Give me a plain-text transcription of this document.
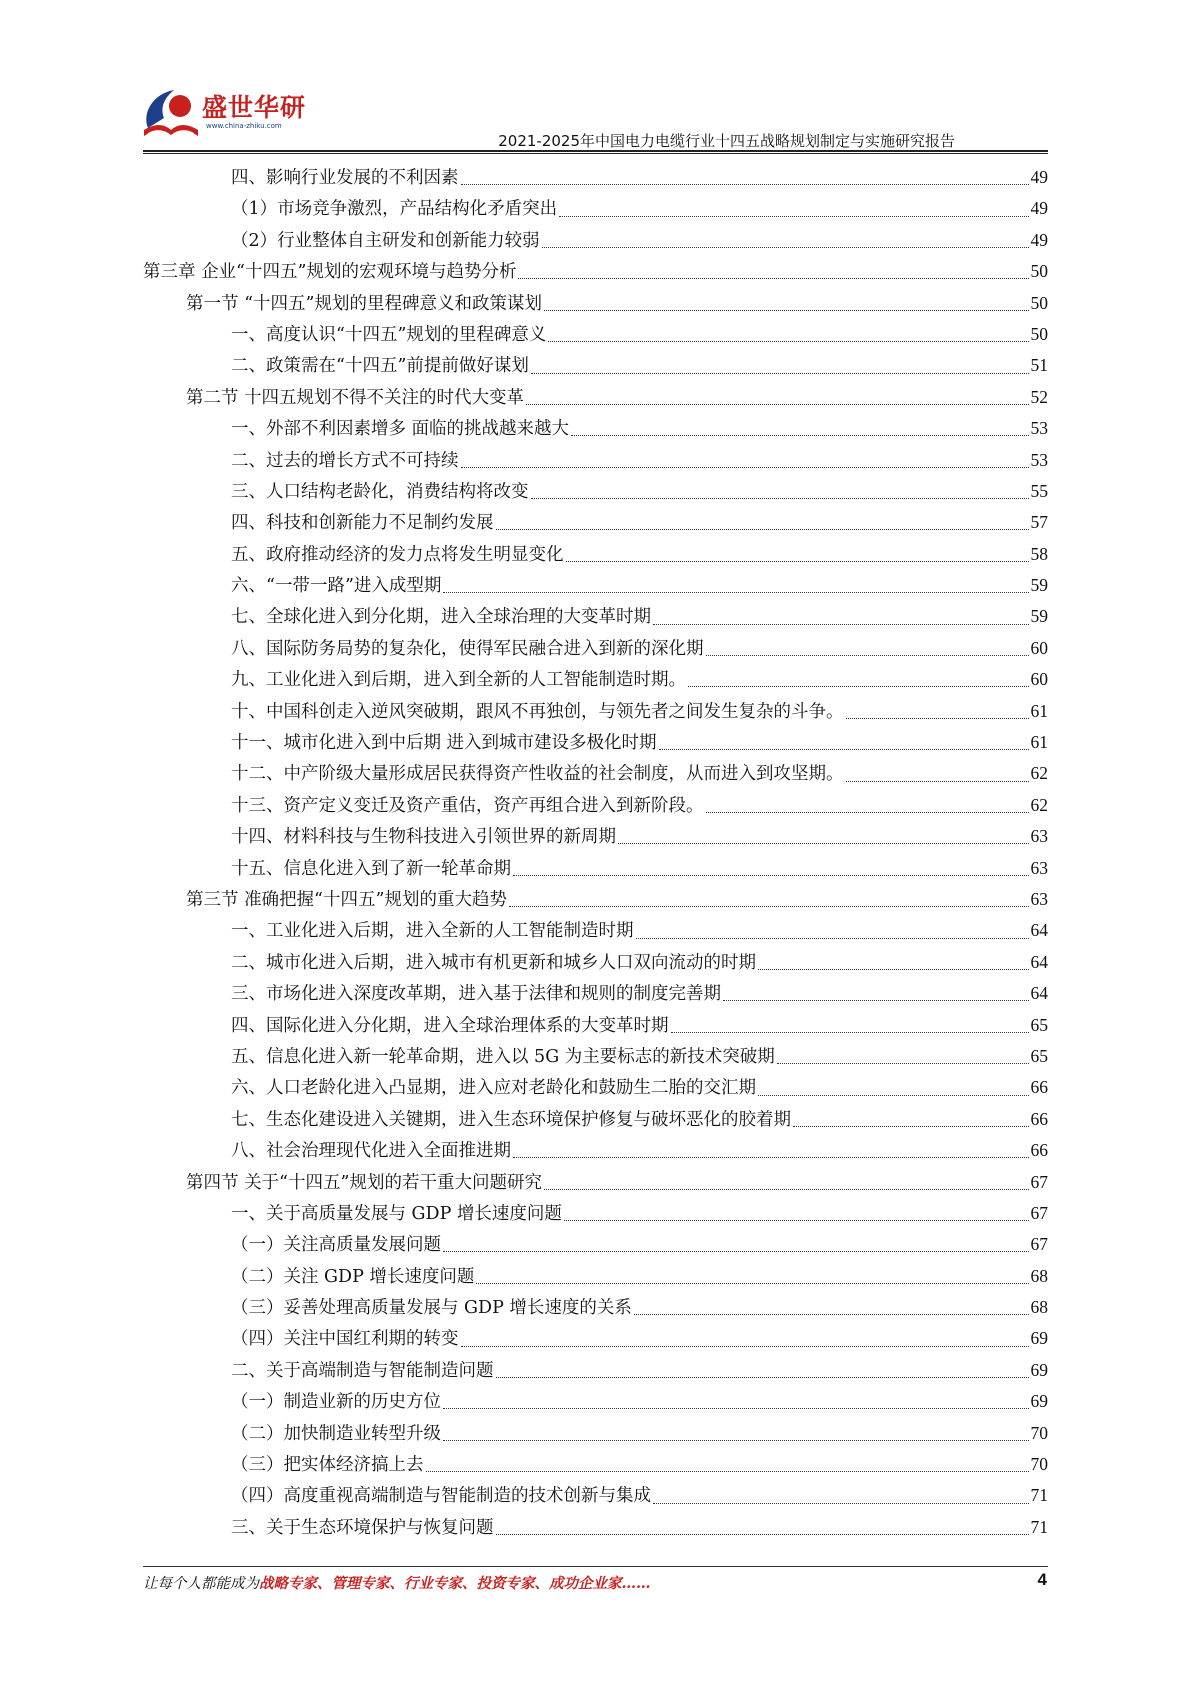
盛世华研
www.china-zhiku.com
2021-2025年中国电力电缆行业十四五战略规划制定与实施研究报告
四、影响行业发展的不利因素	49
（1）市场竞争激烈，产品结构化矛盾突出	49
（2）行业整体自主研发和创新能力较弱	49
第三章 企业“十四五”规划的宏观环境与趋势分析	50
第一节 “十四五”规划的里程碑意义和政策谋划	50
一、高度认识“十四五”规划的里程碑意义	50
二、政策需在“十四五”前提前做好谋划	51
第二节 十四五规划不得不关注的时代大变革	52
一、外部不利因素增多 面临的挑战越来越大	53
二、过去的增长方式不可持续	53
三、人口结构老龄化，消费结构将改变	55
四、科技和创新能力不足制约发展	57
五、政府推动经济的发力点将发生明显变化	58
六、“一带一路”进入成型期	59
七、全球化进入到分化期，进入全球治理的大变革时期	59
八、国际防务局势的复杂化，使得军民融合进入到新的深化期	60
九、工业化进入到后期，进入到全新的人工智能制造时期。	60
十、中国科创走入逆风突破期，跟风不再独创，与领先者之间发生复杂的斗争。	61
十一、城市化进入到中后期 进入到城市建设多极化时期	61
十二、中产阶级大量形成居民获得资产性收益的社会制度，从而进入到攻坚期。	62
十三、资产定义变迁及资产重估，资产再组合进入到新阶段。	62
十四、材料科技与生物科技进入引领世界的新周期	63
十五、信息化进入到了新一轮革命期	63
第三节 准确把握“十四五”规划的重大趋势	63
一、工业化进入后期，进入全新的人工智能制造时期	64
二、城市化进入后期，进入城市有机更新和城乡人口双向流动的时期	64
三、市场化进入深度改革期，进入基于法律和规则的制度完善期	64
四、国际化进入分化期，进入全球治理体系的大变革时期	65
五、信息化进入新一轮革命期，进入以 5G 为主要标志的新技术突破期	65
六、人口老龄化进入凸显期，进入应对老龄化和鼓励生二胎的交汇期	66
七、生态化建设进入关键期，进入生态环境保护修复与破坏恶化的胶着期	66
八、社会治理现代化进入全面推进期	66
第四节 关于“十四五”规划的若干重大问题研究	67
一、关于高质量发展与 GDP 增长速度问题	67
（一）关注高质量发展问题	67
（二）关注 GDP 增长速度问题	68
（三）妥善处理高质量发展与 GDP 增长速度的关系	68
（四）关注中国红利期的转变	69
二、关于高端制造与智能制造问题	69
（一）制造业新的历史方位	69
（二）加快制造业转型升级	70
（三）把实体经济搞上去	70
（四）高度重视高端制造与智能制造的技术创新与集成	71
三、关于生态环境保护与恢复问题	71
让每个人都能成为战略专家、管理专家、行业专家、投资专家、成功企业家……	4
